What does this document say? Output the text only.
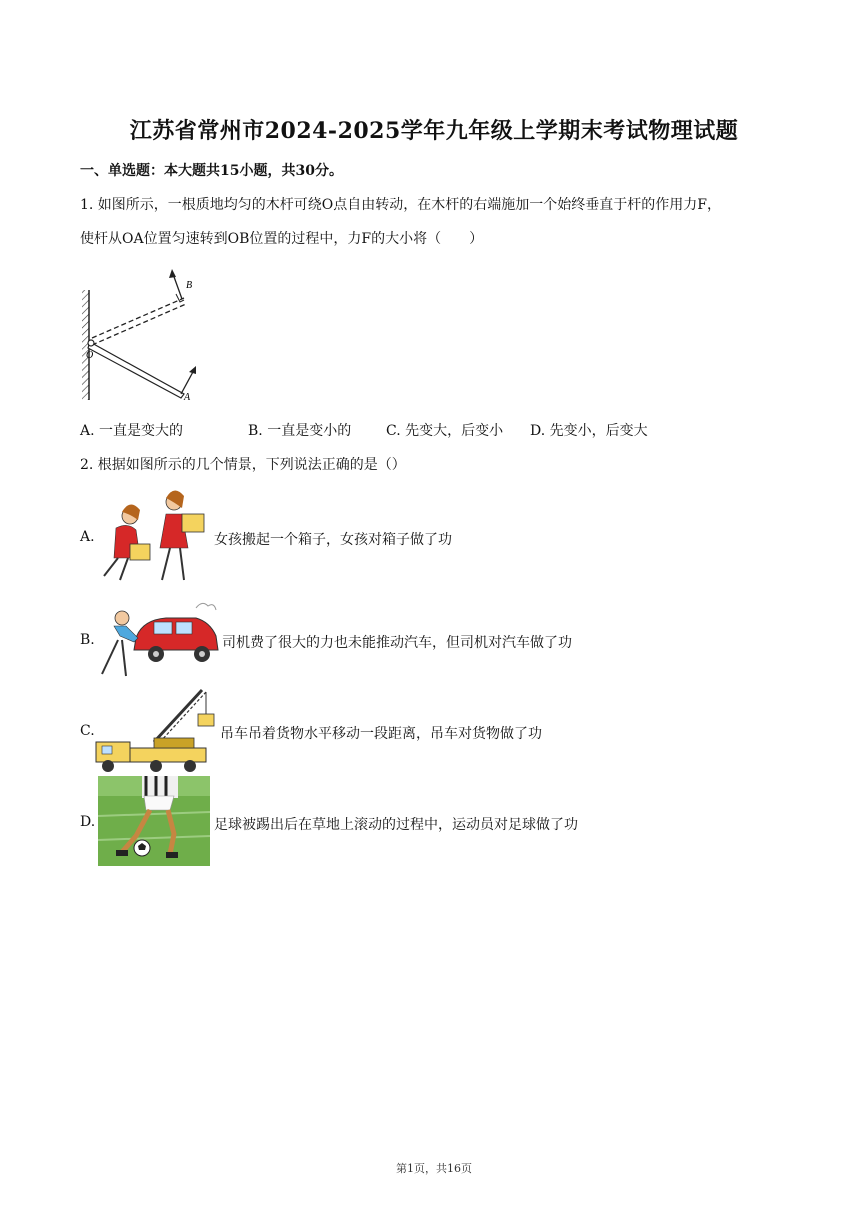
江苏省常州市2024-2025学年九年级上学期末考试物理试题
一、单选题：本大题共15小题，共30分。
1. 如图所示，一根质地均匀的木杆可绕O点自由转动，在木杆的右端施加一个始终垂直于杆的作用力F，
使杆从OA位置匀速转到OB位置的过程中，力F的大小将（　　）
B
O
A
A. 一直是变大的	B. 一直是变小的 C. 先变大，后变小 D. 先变小，后变大
2. 根据如图所示的几个情景，下列说法正确的是（）
A.	女孩搬起一个箱子，女孩对箱子做了功
B.	司机费了很大的力也未能推动汽车，但司机对汽车做了功
C.	吊车吊着货物水平移动一段距离，吊车对货物做了功
D.	足球被踢出后在草地上滚动的过程中，运动员对足球做了功
第1页，共16页
